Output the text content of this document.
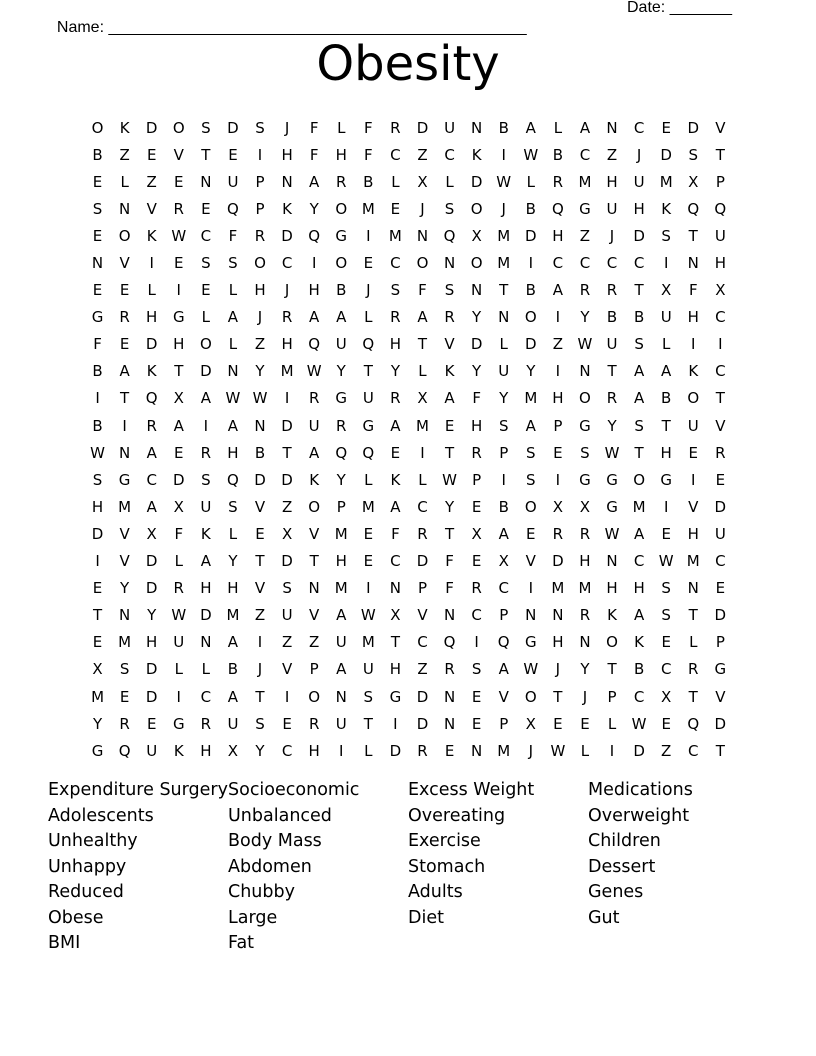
Name: _______________________________________________

Date: _______

Obesity
O	K	D	O	S	D	S	J	F	L	F	R	D	U	N	B	A	L	A	N	C	E	D	V
B	Z	E	V	T	E	I	H	F	H	F	C	Z	C	K	I	W B	C	Z	J	D	S	T
E	L	Z	E	N	U	P	N	A	R	B	L	X	L	D W	L	R	M H	U	M	X	P
S	N	V	R	E	Q	P	K	Y	O M	E	J	S	O	J	B	Q	G	U	H	K	Q	Q
E	O	K W C	F	R	D	Q	G	I	M N	Q	X	M D	H	Z	J	D	S	T	U
N	V	I	E	S	S	O	C	I	O	E	C	O	N	O M	I	C	C	C	C	I	N	H
E	E	L	I	E	L	H	J	H	B	J	S	F	S	N	T	B	A	R	R	T	X	F	X
G	R	H	G	L	A	J	R	A	A	L	R	A	R	Y	N	O	I	Y	B	B	U	H	C
F	E	D	H	O	L	Z	H	Q	U	Q	H	T	V	D	L	D	Z W U	S	L	I	I
B	A	K	T	D	N	Y	M W	Y	T	Y	L	K	Y	U	Y	I	N	T	A	A	K	C
I	T	Q	X	A W W	I	R	G	U	R	X	A	F	Y	M H	O	R	A	B	O	T
B	I	R	A	I	A	N	D	U	R	G	A	M	E	H	S	A	P	G	Y	S	T	U	V
W N	A	E	R	H	B	T	A	Q	Q	E	I	T	R	P	S	E	S W	T	H	E	R
S	G	C	D	S	Q	D	D	K	Y	L	K	L	W	P	I	S	I	G	G	O	G	I	E
H M	A	X	U	S	V	Z	O	P	M	A	C	Y	E	B	O	X	X	G M	I	V	D
D	V	X	F	K	L	E	X	V	M	E	F	R	T	X	A	E	R	R W A	E	H	U
I	V	D	L	A	Y	T	D	T	H	E	C	D	F	E	X	V	D	H	N	C W M	C
E	Y	D	R	H	H	V	S	N M	I	N	P	F	R	C	I	M M H	H	S	N	E
T	N	Y	W D M	Z	U	V	A W X	V	N	C	P	N	N	R	K	A	S	T	D
E	M H	U	N	A	I	Z	Z	U	M	T	C	Q	I	Q	G	H	N	O	K	E	L	P
X	S	D	L	L	B	J	V	P	A	U	H	Z	R	S	A W	J	Y	T	B	C	R	G
M	E	D	I	C	A	T	I	O	N	S	G	D	N	E	V	O	T	J	P	C	X	T	V
Y	R	E	G	R	U	S	E	R	U	T	I	D	N	E	P	X	E	E	L	W E	Q	D
G	Q	U	K	H	X	Y	C	H	I	L	D	R	E	N M	J	W	L	I	D	Z	C	T
Expenditure Surgery
Adolescents
Unhealthy
Unhappy
Reduced
Obese
BMI
Socioeconomic
Unbalanced
Body Mass
Abdomen
Chubby
Large
Fat
Excess Weight
Overeating
Exercise
Stomach
Adults
Diet
Medications
Overweight
Children
Dessert
Genes
Gut
